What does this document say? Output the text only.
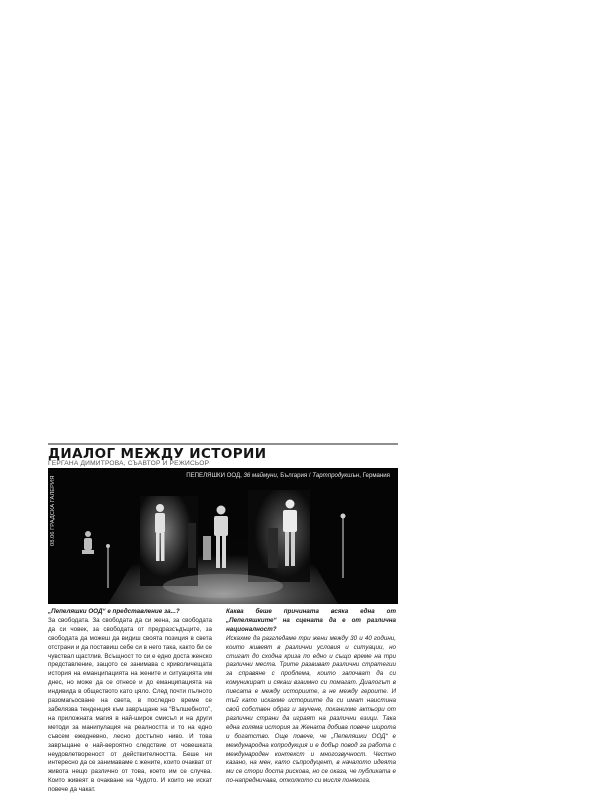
ДИАЛОГ МЕЖДУ ИСТОРИИ
ГЕРГАНА ДИМИТРОВА, СЪАВТОР И РЕЖИСЬОР
ПЕПЕЛЯШКИ ООД, 36 маймуни, България / Тартпродукшън, Германия
08.06 ГРАДСКА ГАЛЕРИЯ
„Пепеляшки ООД“ е представление за...?
За свободата. За свободата да си жена, за свободата да си човек, за свободата от предразсъдъците, за свободата да можеш да видиш своята позиция в света отстрани и да поставиш себе си в него така, както би се чувствал щастлив. Всъщност то си е едно доста женско представление, защото се занимава с криволичещата история на еманципацията на жените и ситуацията им днес, но може да се отнесе и до еманципацията на индивида в обществото като цяло. След почти пълното разомагьосване на света, в последно време се забелязва тенденция към завръщане на “Вълшебното”, на приложната магия в най-широк смисъл и на други методи за манипулация на реалността и то на едно съвсем ежедневно, лесно достъпно ниво. И това завръщане е най-вероятно следствие от човешката неудовлетвореност от действителността. Беше ни интересно да се занимаваме с жените, които очакват от живота нещо различно от това, което им се случва. Които живеят в очакване на Чудото. И които не искат повече да чакат.
Каква беше причината всяка една от „Пепеляшките“ на сцената да е от различна националност?
Искахме да разгледаме три жени между 30 и 40 години, които живеят в различни условия и ситуации, но стигат до сходна криза по едно и също време на три различни места. Трите развиват различни стратегии за справяне с проблема, които започват да си комуникират и сякаш взаимно си помагат. Диалогът в пиесата е между историите, а не между героите. И тъй като искахме историите да си имат наистина свой собствен образ и звучене, поканихме актьори от различни страни да играят на различни езици. Така една голяма история за Жената добива повече широта и богатство. Още повече, че „Пепеляшки ООД“ е международна копродукция и е добър повод за работа с международен контекст и многозвучност. Честно казано, на мен, като съпродуцент, в началото идеята ми се стори доста рисковa, но се оказа, че публиката е по-напредничава, отколкото си мисля понякога.
